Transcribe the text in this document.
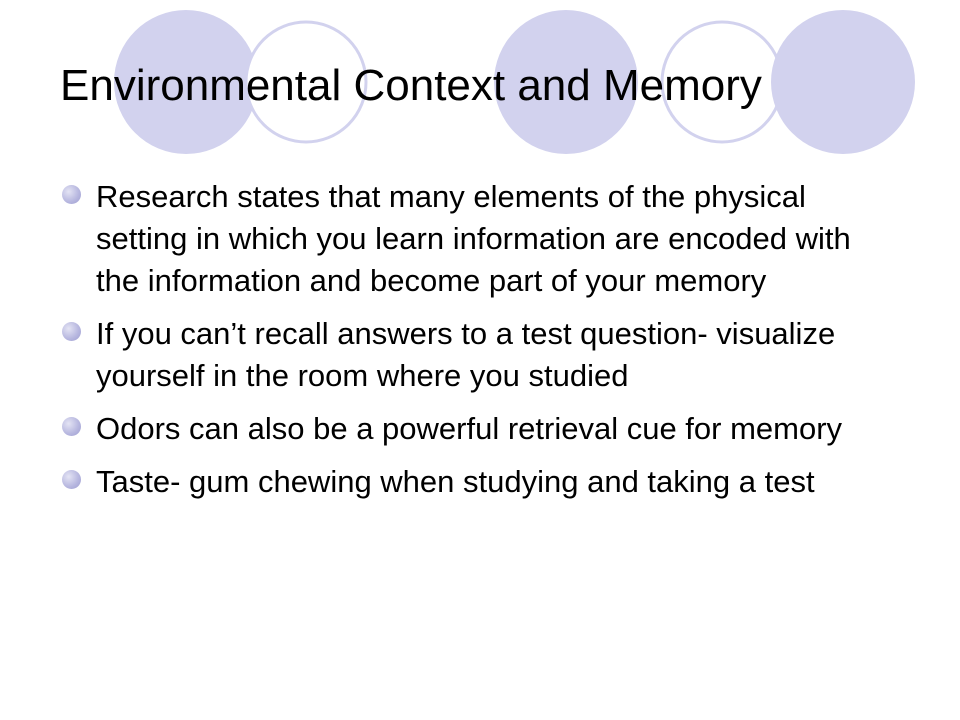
Environmental Context and Memory
Research states that many elements of the physical setting in which you learn information are encoded with the information and become part of your memory
If you can’t recall answers to a test question- visualize yourself in the room where you studied
Odors can also be a powerful retrieval cue for memory
Taste- gum chewing when studying and taking a test
